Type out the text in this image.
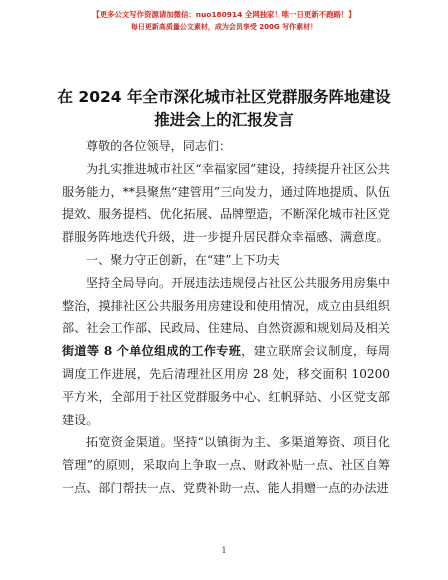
【更多公文写作资源请加微信：nuo180914 全网独家！唯一日更新不跑路！】
每日更新高质量公文素材，成为会员享受 200G 写作素材！
在 2024 年全市深化城市社区党群服务阵地建设
推进会上的汇报发言

尊敬的各位领导，同志们：

为扎实推进城市社区“幸福家园”建设，持续提升社区公共服务能力，**县聚焦“建管用”三向发力，通过阵地提质、队伍提效、服务提档、优化拓展、品牌塑造，不断深化城市社区党群服务阵地迭代升级，进一步提升居民群众幸福感、满意度。

一、聚力守正创新，在“建”上下功夫

坚持全局导向。开展违法违规侵占社区公共服务用房集中整治，摸排社区公共服务用房建设和使用情况，成立由县组织部、社会工作部、民政局、住建局、自然资源和规划局及相关街道等 8 个单位组成的工作专班，建立联席会议制度，每周调度工作进展，先后清理社区用房 28 处，移交面积 10200 平方米，全部用于社区党群服务中心、红帆驿站、小区党支部建设。

拓宽资金渠道。坚持“以镇街为主、多渠道筹资、项目化管理”的原则，采取向上争取一点、财政补贴一点、社区自筹一点、部门帮扶一点、党费补助一点、能人捐赠一点的办法进

1
